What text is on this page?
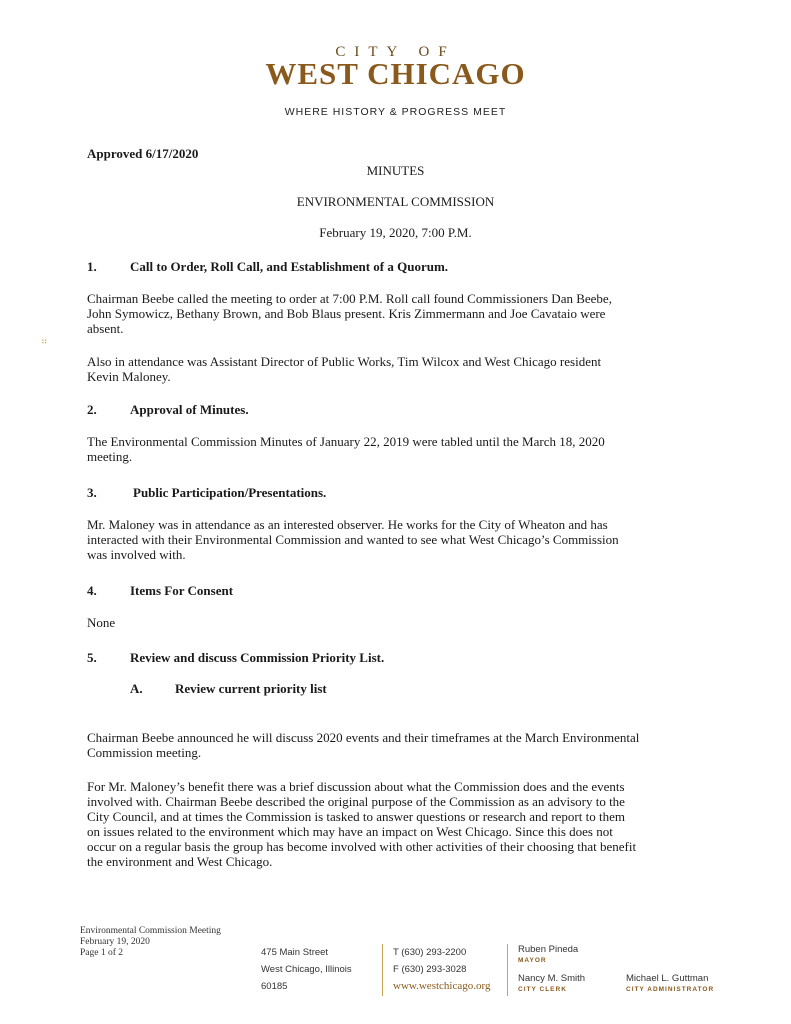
CITY OF
WEST CHICAGO
WHERE HISTORY & PROGRESS MEET
⠶
Approved 6/17/2020
MINUTES
ENVIRONMENTAL COMMISSION
February 19, 2020, 7:00 P.M.
1.	Call to Order, Roll Call, and Establishment of a Quorum.
Chairman Beebe called the meeting to order at 7:00 P.M. Roll call found Commissioners Dan Beebe,
John Symowicz, Bethany Brown, and Bob Blaus present. Kris Zimmermann and Joe Cavataio were
absent.
Also in attendance was Assistant Director of Public Works, Tim Wilcox and West Chicago resident
Kevin Maloney.
2.	Approval of Minutes.
The Environmental Commission Minutes of January 22, 2019 were tabled until the March 18, 2020
meeting.
3.	Public Participation/Presentations.
Mr. Maloney was in attendance as an interested observer. He works for the City of Wheaton and has
interacted with their Environmental Commission and wanted to see what West Chicago’s Commission
was involved with.
4.	Items For Consent
None
5.	Review and discuss Commission Priority List.
A. Review current priority list
Chairman Beebe announced he will discuss 2020 events and their timeframes at the March Environmental
Commission meeting.
For Mr. Maloney’s benefit there was a brief discussion about what the Commission does and the events
involved with. Chairman Beebe described the original purpose of the Commission as an advisory to the
City Council, and at times the Commission is tasked to answer questions or research and report to them
on issues related to the environment which may have an impact on West Chicago. Since this does not
occur on a regular basis the group has become involved with other activities of their choosing that benefit
the environment and West Chicago.
Environmental Commission Meeting
February 19, 2020
Page 1 of 2	475 Main Street
West Chicago, Illinois
60185
T (630) 293-2200
F (630) 293-3028
www.westchicago.org
Ruben Pineda
MAYOR
Nancy M. Smith
CITY CLERK
Michael L. Guttman
CITY ADMINISTRATOR
